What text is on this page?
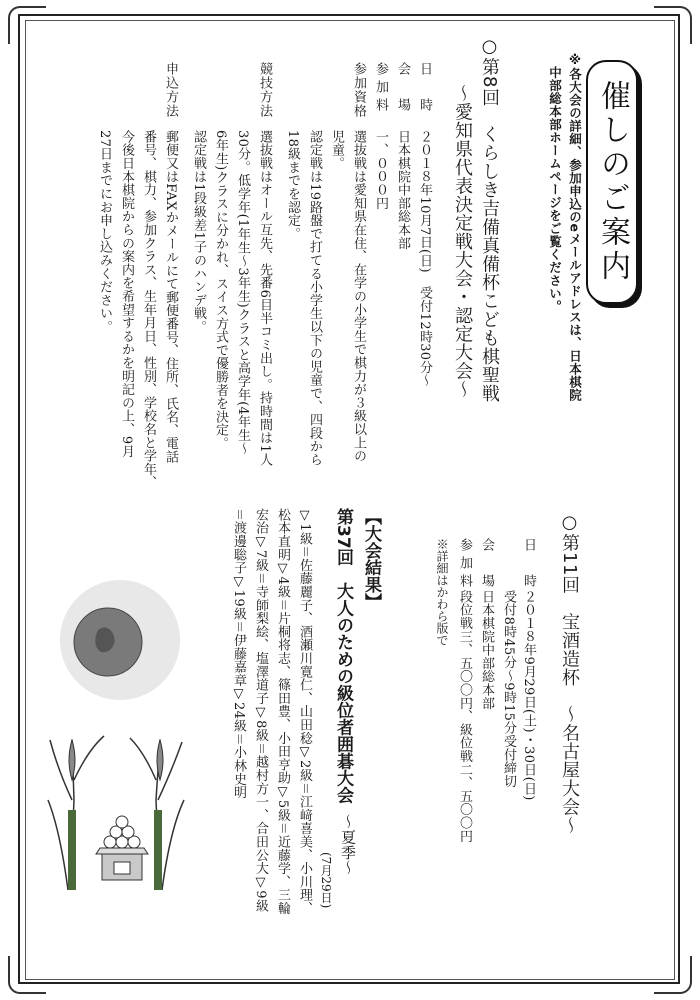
※各大会の詳細、参加申込のeメールアドレスは、日本棋院
中部総本部ホームページをご覧ください。 催しのご案内
○第8回　くらしき吉備真備杯こども棋聖戦
～愛知県代表決定戦大会・認定大会～
日　時
２０１８年10月7日(日)　受付12時30分～
会　場
日本棋院中部総本部
参加料
一、０００円
参加資格
選抜戦は愛知県在住、在学の小学生で棋力が３級以上の
児童。
認定戦は19路盤で打てる小学生以下の児童で、四段から
18級までを認定。
競技方法
選抜戦はオール互先、先番6目半コミ出し。持時間は1人
30分。低学年(1年生～3年生)クラスと高学年(4年生～
6年生)クラスに分かれ、スイス方式で優勝者を決定。
認定戦は1段級差1子のハンデ戦。
申込方法
郵便又はFAXかメールにて郵便番号、住所、氏名、電話
番号、棋力、参加クラス、生年月日、性別、学校名と学年、
今後日本棋院からの案内を希望するかを明記の上、9月
27日までにお申し込みください。
○第11回　宝酒造杯　～名古屋大会～
日　時
２０１８年9月29日(土)・30日(日)
受付8時45分～9時15分受付締切
会　場
日本棋院中部総本部
参加料
段位戦三、五〇〇円、級位戦二、五〇〇円
※詳細はかわら版で
【大会結果】
第37回　大人のための級位者囲碁大会
～夏季～
(7月29日)
▽1級＝佐藤麗子、酒瀬川寛仁、山田稔▽2級＝江﨑喜美、小川理、
松本直明▽4級＝片桐将志、篠田豊、小田亨助▽5級＝近藤学、三輪
宏治▽7級＝寺師梨絵、塩澤道子▽8級＝越村方一、合田公大▽9級
＝渡邊聡子▽19級＝伊藤嘉章▽24級＝小林史明
